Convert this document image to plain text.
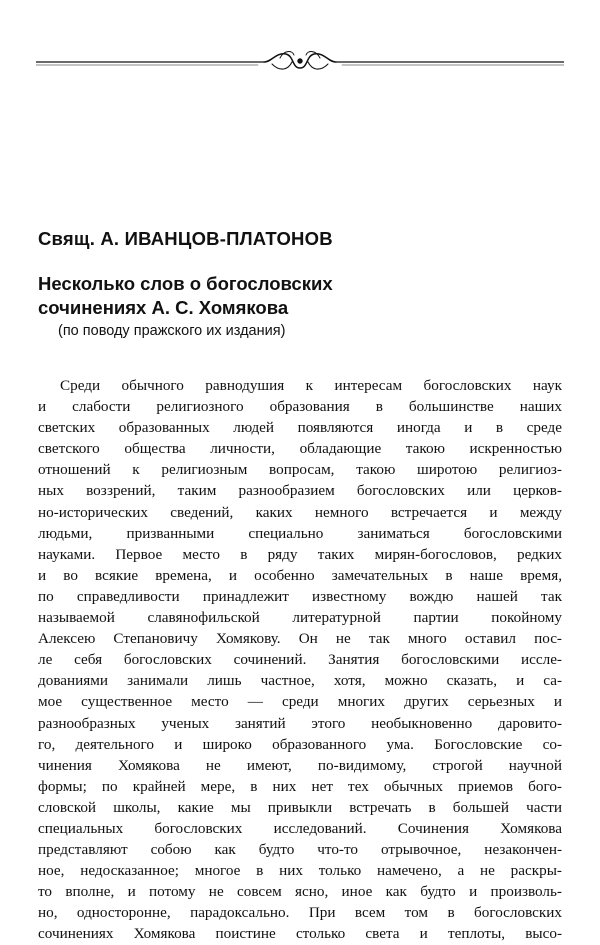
Свящ. А. ИВАНЦОВ-ПЛАТОНОВ
Несколько слов о богословских
сочинениях А. С. Хомякова

(по поводу пражского их издания)

Среди обычного равнодушия к интересам богословских наук
и слабости религиозного образования в большинстве наших
светских образованных людей появляются иногда и в среде
светского общества личности, обладающие такою искренностью
отношений к религиозным вопросам, такою широтою религиоз-
ных воззрений, таким разнообразием богословских или церков-
но-исторических сведений, каких немного встречается и между
людьми, призванными специально заниматься богословскими
науками. Первое место в ряду таких мирян-богословов, редких
и во всякие времена, и особенно замечательных в наше время,
по справедливости принадлежит известному вождю нашей так
называемой славянофильской литературной партии покойному
Алексею Степановичу Хомякову. Он не так много оставил пос-
ле себя богословских сочинений. Занятия богословскими иссле-
дованиями занимали лишь частное, хотя, можно сказать, и са-
мое существенное место — среди многих других серьезных и
разнообразных ученых занятий этого необыкновенно даровито-
го, деятельного и широко образованного ума. Богословские со-
чинения Хомякова не имеют, по-видимому, строгой научной
формы; по крайней мере, в них нет тех обычных приемов бого-
словской школы, какие мы привыкли встречать в большей части
специальных богословских исследований. Сочинения Хомякова
представляют собою как будто что-то отрывочное, незакончен-
ное, недосказанное; многое в них только намечено, а не раскры-
то вполне, и потому не совсем ясно, иное как будто и произволь-
но, односторонне, парадоксально. При всем том в богословских
сочинениях Хомякова поистине столько света и теплоты, высо-
